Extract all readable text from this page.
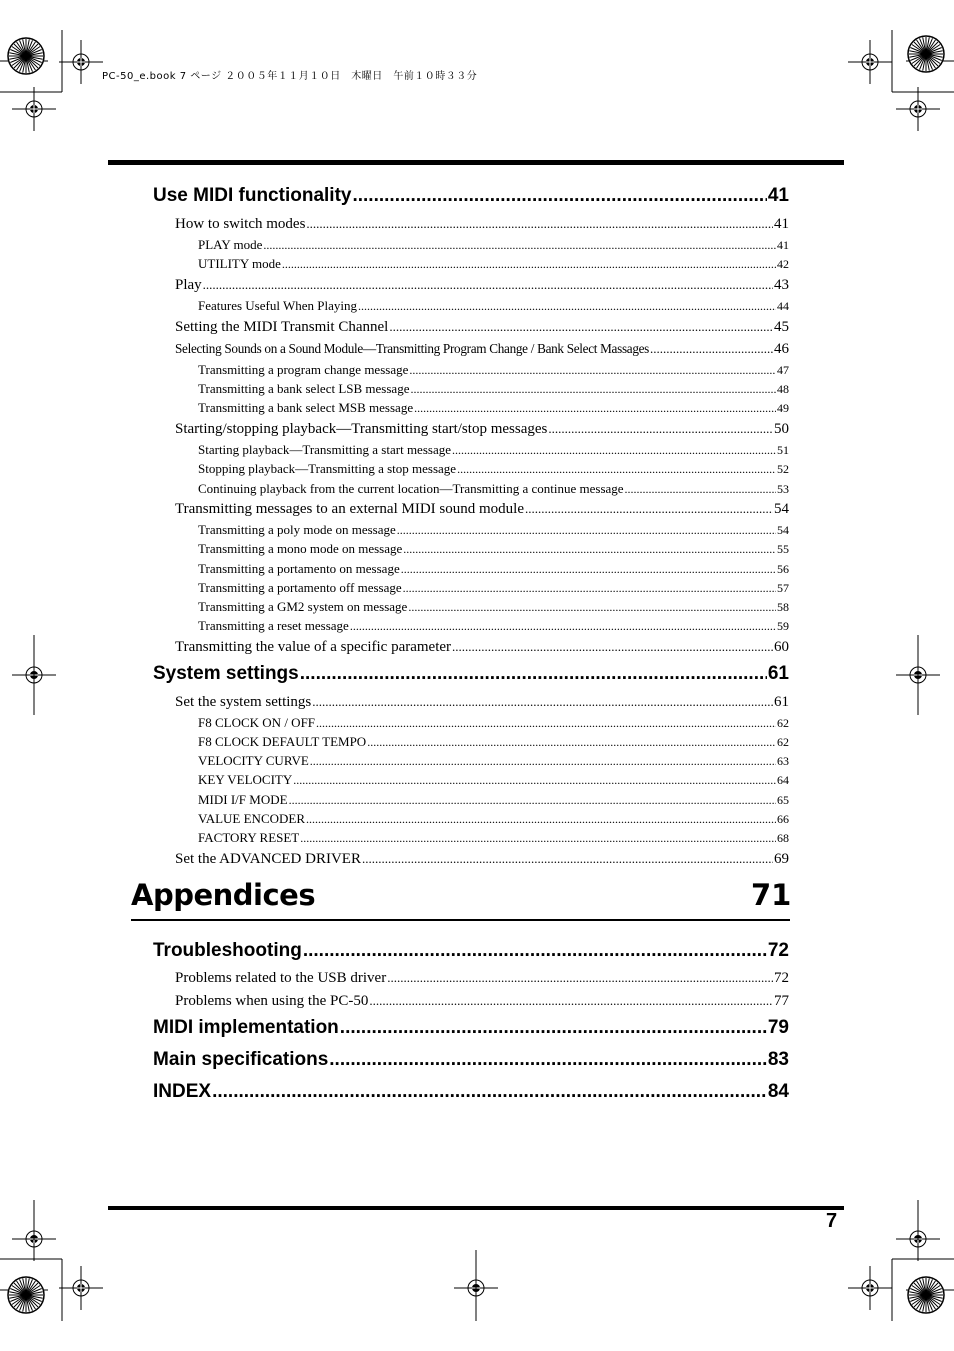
PC-50_e.book 7 ページ ２００５年１１月１０日　木曜日　午前１０時３３分
Use MIDI functionality .....	41
How to switch modes .....	41
PLAY mode .....	41
UTILITY mode .....	42
Play .....	43
Features Useful When Playing .....	44
Setting the MIDI Transmit Channel .....	45
Selecting Sounds on a Sound Module—Transmitting Program Change / Bank Select Massages .....	46
Transmitting a program change message .....	47
Transmitting a bank select LSB message .....	48
Transmitting a bank select MSB message .....	49
Starting/stopping playback—Transmitting start/stop messages .....	50
Starting playback—Transmitting a start message .....	51
Stopping playback—Transmitting a stop message .....	52
Continuing playback from the current location—Transmitting a continue message .....	53
Transmitting messages to an external MIDI sound module .....	54
Transmitting a poly mode on message .....	54
Transmitting a mono mode on message .....	55
Transmitting a portamento on message .....	56
Transmitting a portamento off message .....	57
Transmitting a GM2 system on message .....	58
Transmitting a reset message .....	59
Transmitting the value of a specific parameter .....	60
System settings .....	61
Set the system settings .....	61
F8 CLOCK ON / OFF .....	62
F8 CLOCK DEFAULT TEMPO .....	62
VELOCITY CURVE .....	63
KEY VELOCITY .....	64
MIDI I/F MODE .....	65
VALUE ENCODER .....	66
FACTORY RESET .....	68
Set the ADVANCED DRIVER .....	69
Appendices	71
Troubleshooting .....	72
Problems related to the USB driver .....	72
Problems when using the PC-50 .....	77
MIDI implementation .....	79
Main specifications .....	83
INDEX .....	84
7
